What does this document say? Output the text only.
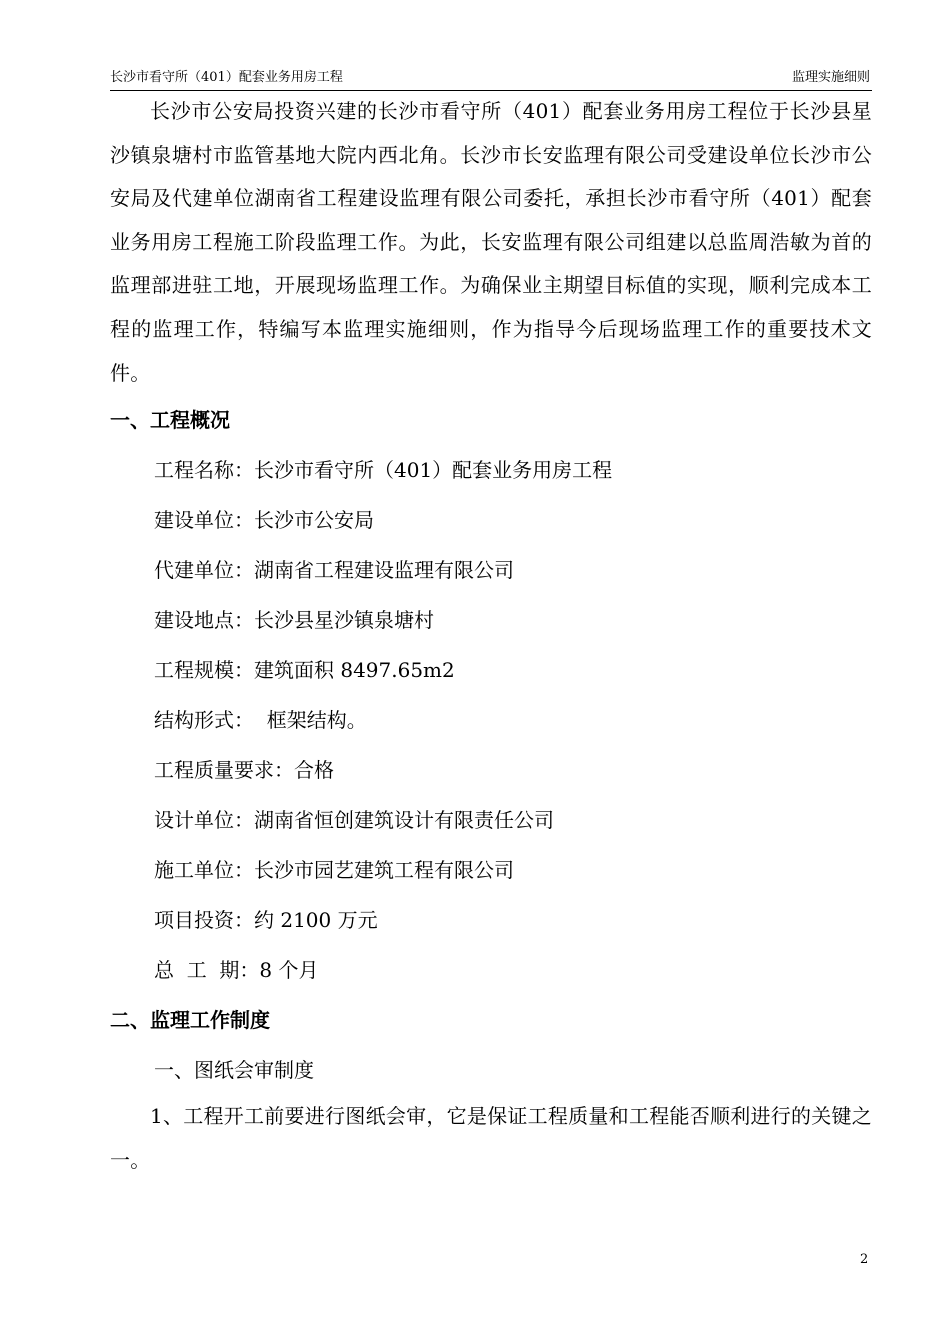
长沙市看守所（401）配套业务用房工程	监理实施细则

长沙市公安局投资兴建的长沙市看守所（401）配套业务用房工程位于长沙县星沙镇泉塘村市监管基地大院内西北角。长沙市长安监理有限公司受建设单位长沙市公安局及代建单位湖南省工程建设监理有限公司委托，承担长沙市看守所（401）配套业务用房工程施工阶段监理工作。为此，长安监理有限公司组建以总监周浩敏为首的监理部进驻工地，开展现场监理工作。为确保业主期望目标值的实现，顺利完成本工程的监理工作，特编写本监理实施细则，作为指导今后现场监理工作的重要技术文件。

一、工程概况

工程名称：长沙市看守所（401）配套业务用房工程

建设单位：长沙市公安局

代建单位：湖南省工程建设监理有限公司

建设地点：长沙县星沙镇泉塘村

工程规模：建筑面积 8497.65m2

结构形式：  框架结构。

工程质量要求：合格

设计单位：湖南省恒创建筑设计有限责任公司

施工单位：长沙市园艺建筑工程有限公司

项目投资：约 2100 万元

总  工  期：8 个月

二、监理工作制度

一、图纸会审制度

1、工程开工前要进行图纸会审，它是保证工程质量和工程能否顺利进行的关键之一。

2
